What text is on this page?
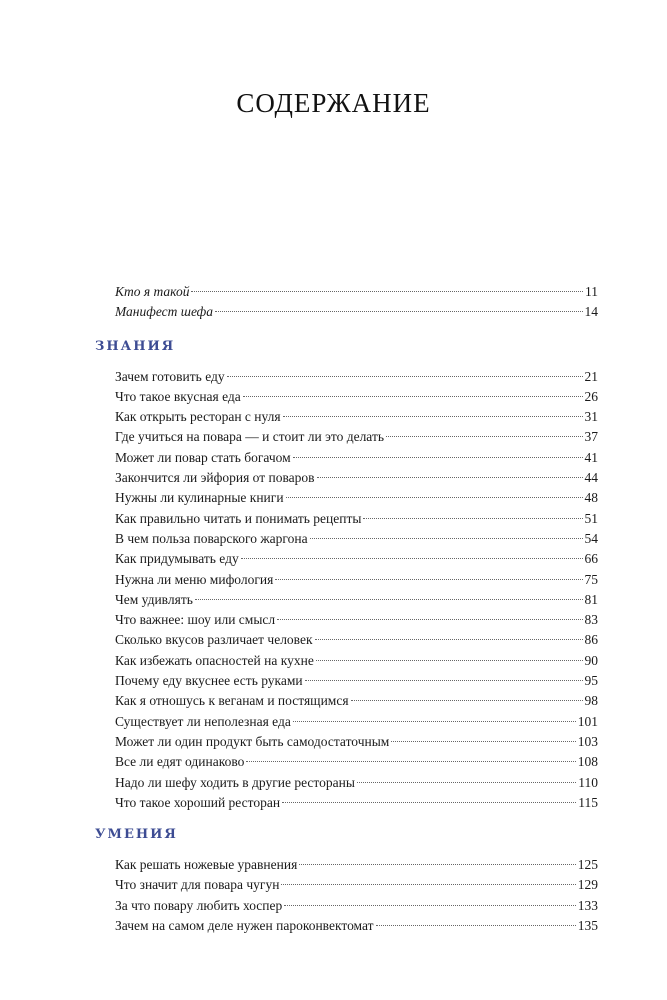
СОДЕРЖАНИЕ
Кто я такой	11
Манифест шефа	14
ЗНАНИЯ
Зачем готовить еду	21
Что такое вкусная еда	26
Как открыть ресторан с нуля	31
Где учиться на повара — и стоит ли это делать	37
Может ли повар стать богачом	41
Закончится ли эйфория от поваров	44
Нужны ли кулинарные книги	48
Как правильно читать и понимать рецепты	51
В чем польза поварского жаргона	54
Как придумывать еду	66
Нужна ли меню мифология	75
Чем удивлять	81
Что важнее: шоу или смысл	83
Сколько вкусов различает человек	86
Как избежать опасностей на кухне	90
Почему еду вкуснее есть руками	95
Как я отношусь к веганам и постящимся	98
Существует ли неполезная еда	101
Может ли один продукт быть самодостаточным	103
Все ли едят одинаково	108
Надо ли шефу ходить в другие рестораны	110
Что такое хороший ресторан	115
УМЕНИЯ
Как решать ножевые уравнения	125
Что значит для повара чугун	129
За что повару любить хоспер	133
Зачем на самом деле нужен пароконвектомат	135
